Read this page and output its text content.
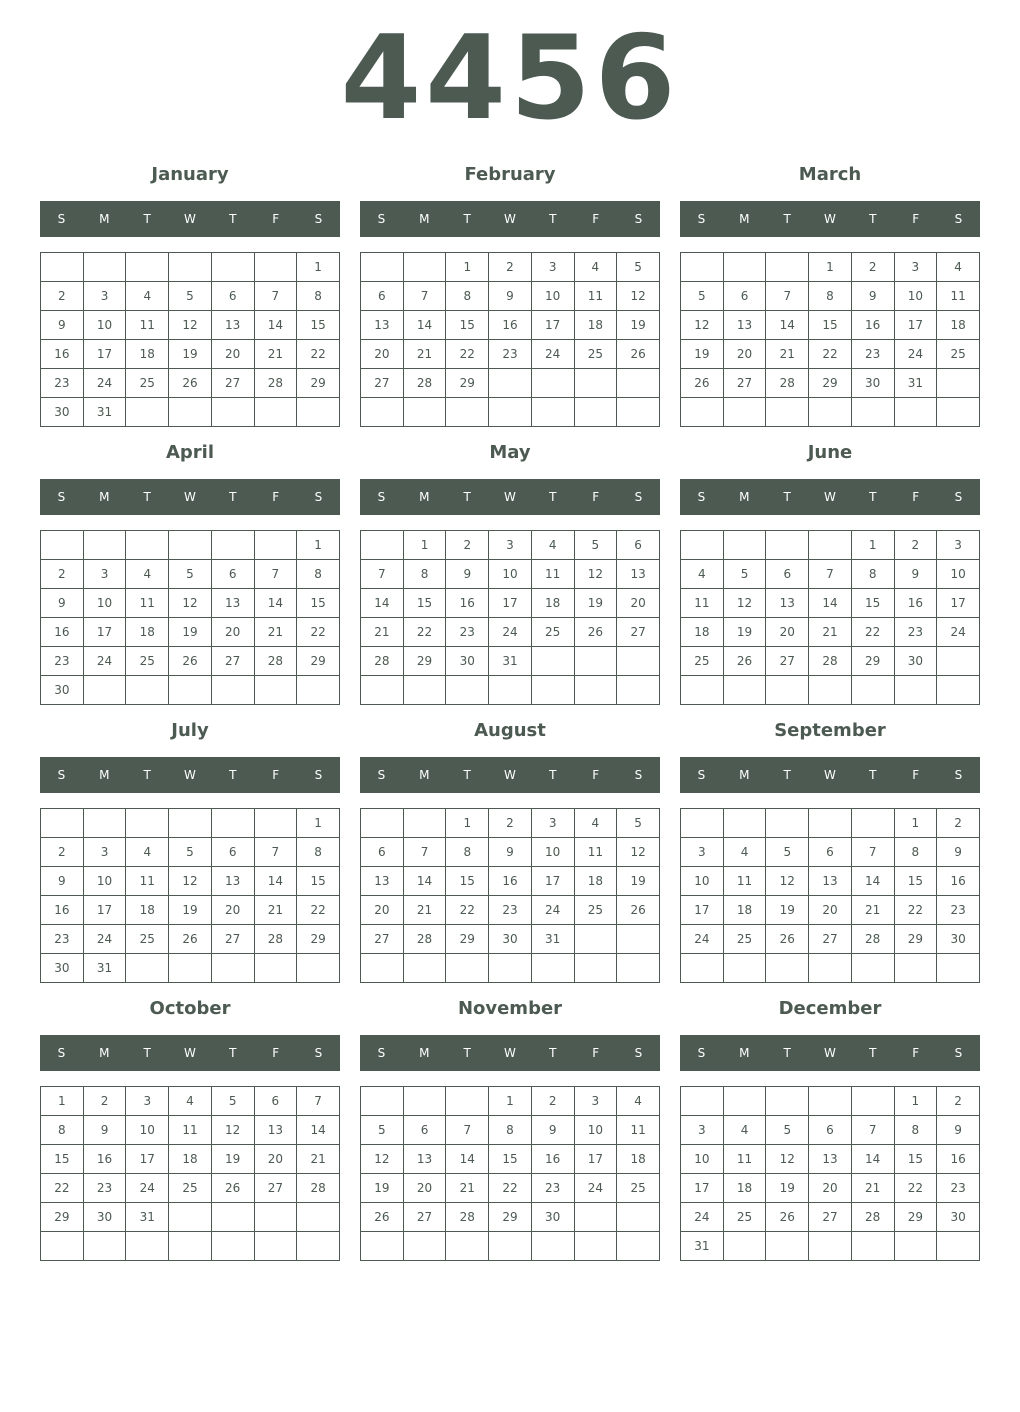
4456
January
S	M	T	W	T	F	S
						1
2	3	4	5	6	7	8
9	10	11	12	13	14	15
16	17	18	19	20	21	22
23	24	25	26	27	28	29
30	31					
February
S	M	T	W	T	F	S
		1	2	3	4	5
6	7	8	9	10	11	12
13	14	15	16	17	18	19
20	21	22	23	24	25	26
27	28	29				

March
S	M	T	W	T	F	S
			1	2	3	4
5	6	7	8	9	10	11
12	13	14	15	16	17	18
19	20	21	22	23	24	25
26	27	28	29	30	31	

April
S	M	T	W	T	F	S
						1
2	3	4	5	6	7	8
9	10	11	12	13	14	15
16	17	18	19	20	21	22
23	24	25	26	27	28	29
30						
May
S	M	T	W	T	F	S
	1	2	3	4	5	6
7	8	9	10	11	12	13
14	15	16	17	18	19	20
21	22	23	24	25	26	27
28	29	30	31			

June
S	M	T	W	T	F	S
				1	2	3
4	5	6	7	8	9	10
11	12	13	14	15	16	17
18	19	20	21	22	23	24
25	26	27	28	29	30	

July
S	M	T	W	T	F	S
						1
2	3	4	5	6	7	8
9	10	11	12	13	14	15
16	17	18	19	20	21	22
23	24	25	26	27	28	29
30	31					
August
S	M	T	W	T	F	S
		1	2	3	4	5
6	7	8	9	10	11	12
13	14	15	16	17	18	19
20	21	22	23	24	25	26
27	28	29	30	31		

September
S	M	T	W	T	F	S
					1	2
3	4	5	6	7	8	9
10	11	12	13	14	15	16
17	18	19	20	21	22	23
24	25	26	27	28	29	30

October
S	M	T	W	T	F	S
1	2	3	4	5	6	7
8	9	10	11	12	13	14
15	16	17	18	19	20	21
22	23	24	25	26	27	28
29	30	31				

November
S	M	T	W	T	F	S
			1	2	3	4
5	6	7	8	9	10	11
12	13	14	15	16	17	18
19	20	21	22	23	24	25
26	27	28	29	30		

December
S	M	T	W	T	F	S
					1	2
3	4	5	6	7	8	9
10	11	12	13	14	15	16
17	18	19	20	21	22	23
24	25	26	27	28	29	30
31						
